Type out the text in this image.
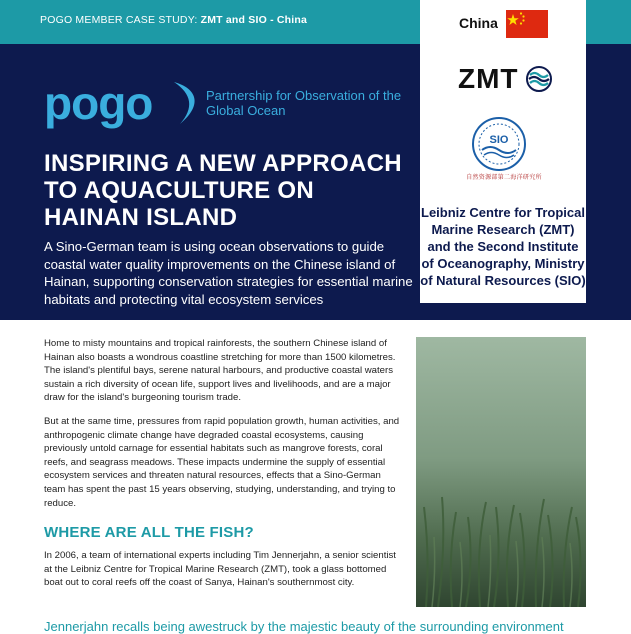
POGO MEMBER CASE STUDY: ZMT and SIO - China
pogo	Partnership for Observation of the Global Ocean
INSPIRING A NEW APPROACH TO AQUACULTURE ON HAINAN ISLAND
A Sino-German team is using ocean observations to guide coastal water quality improvements on the Chinese island of Hainan, supporting conservation strategies for essential marine habitats and protecting vital ecosystem services
China
ZMT
SIO
自然资源部第二海洋研究所
Leibniz Centre for Tropical Marine Research (ZMT) and the Second Institute of Oceanography, Ministry of Natural Resources (SIO)

Home to misty mountains and tropical rainforests, the southern Chinese island of Hainan also boasts a wondrous coastline stretching for more than 1500 kilometres. The island's plentiful bays, serene natural harbours, and productive coastal waters sustain a rich diversity of ocean life, support lives and livelihoods, and are a major draw for the island's burgeoning tourism trade.

But at the same time, pressures from rapid population growth, human activities, and anthropogenic climate change have degraded coastal ecosystems, causing previously untold carnage for essential habitats such as mangrove forests, coral reefs, and seagrass meadows. These impacts undermine the supply of essential ecosystem services and threaten natural resources, effects that a Sino-German team has spent the past 15 years observing, studying, understanding, and trying to reduce.

WHERE ARE ALL THE FISH?

In 2006, a team of international experts including Tim Jennerjahn, a senior scientist at the Leibniz Centre for Tropical Marine Research (ZMT), took a glass bottomed boat out to coral reefs off the coast of Sanya, Hainan's southernmost city.

Jennerjahn recalls being awestruck by the majestic beauty of the surrounding environment
